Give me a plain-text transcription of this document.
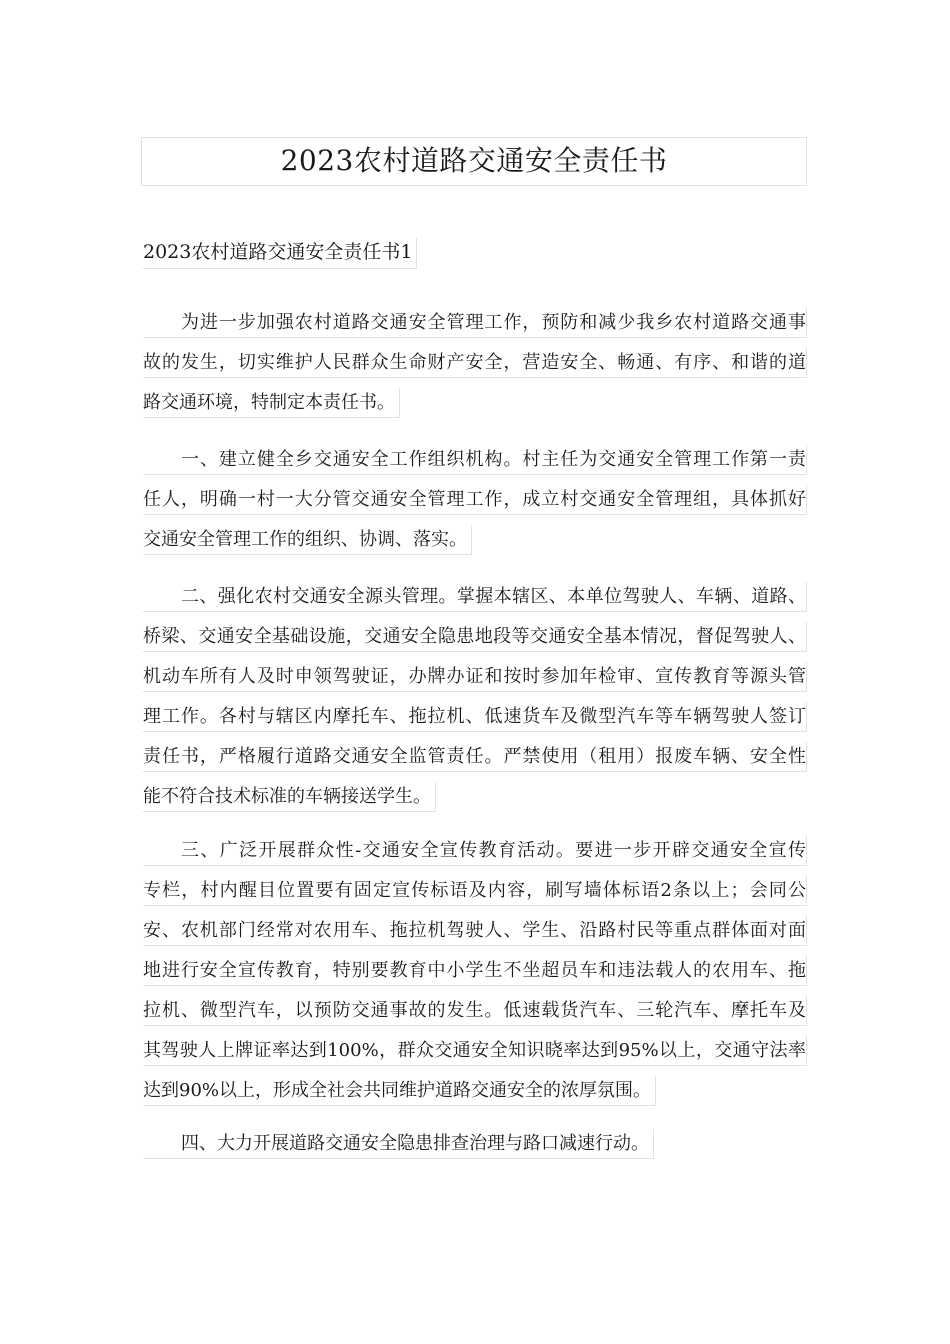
2023农村道路交通安全责任书
2023农村道路交通安全责任书1
为进一步加强农村道路交通安全管理工作，预防和减少我乡农村道路交通事
故的发生，切实维护人民群众生命财产安全，营造安全、畅通、有序、和谐的道
路交通环境，特制定本责任书。
一、建立健全乡交通安全工作组织机构。村主任为交通安全管理工作第一责
任人，明确一村一大分管交通安全管理工作，成立村交通安全管理组，具体抓好
交通安全管理工作的组织、协调、落实。
二、强化农村交通安全源头管理。掌握本辖区、本单位驾驶人、车辆、道路、
桥梁、交通安全基础设施，交通安全隐患地段等交通安全基本情况，督促驾驶人、
机动车所有人及时申领驾驶证，办牌办证和按时参加年检审、宣传教育等源头管
理工作。各村与辖区内摩托车、拖拉机、低速货车及微型汽车等车辆驾驶人签订
责任书，严格履行道路交通安全监管责任。严禁使用（租用）报废车辆、安全性
能不符合技术标准的车辆接送学生。
三、广泛开展群众性-交通安全宣传教育活动。要进一步开辟交通安全宣传
专栏，村内醒目位置要有固定宣传标语及内容，刷写墙体标语2条以上；会同公
安、农机部门经常对农用车、拖拉机驾驶人、学生、沿路村民等重点群体面对面
地进行安全宣传教育，特别要教育中小学生不坐超员车和违法载人的农用车、拖
拉机、微型汽车，以预防交通事故的发生。低速载货汽车、三轮汽车、摩托车及
其驾驶人上牌证率达到100%，群众交通安全知识晓率达到95%以上，交通守法率
达到90%以上，形成全社会共同维护道路交通安全的浓厚氛围。
四、大力开展道路交通安全隐患排查治理与路口减速行动。
